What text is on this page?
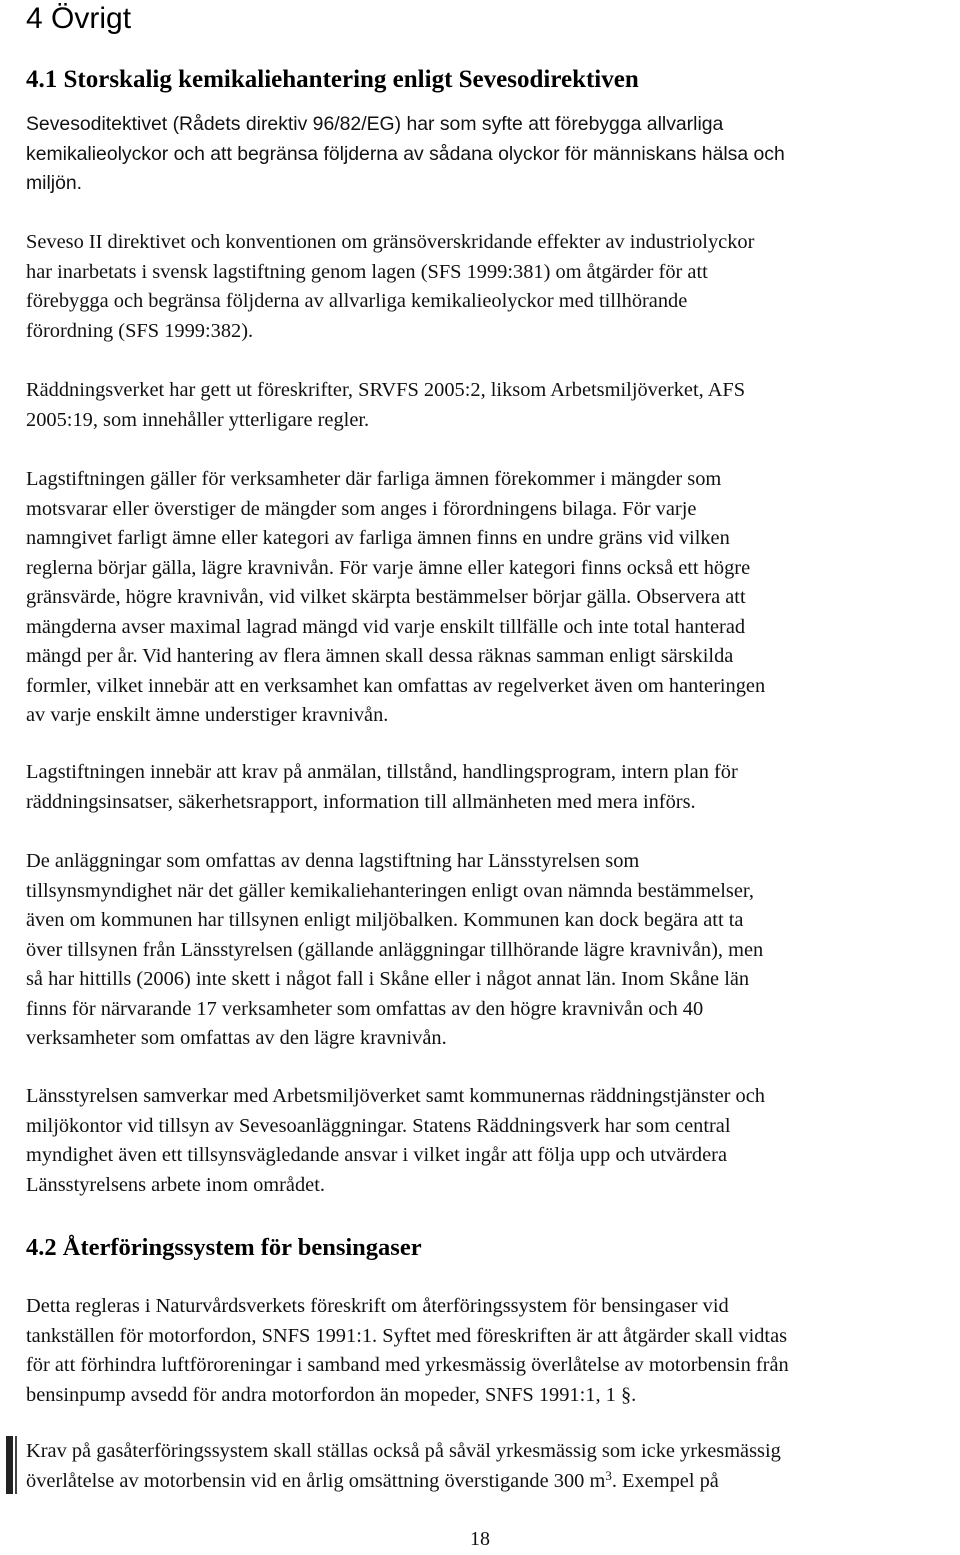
4 Övrigt
4.1 Storskalig kemikaliehantering enligt Sevesodirektiven

Sevesoditektivet (Rådets direktiv 96/82/EG) har som syfte att förebygga allvarliga
kemikalieolyckor och att begränsa följderna av sådana olyckor för människans hälsa och
miljön.

Seveso II direktivet och konventionen om gränsöverskridande effekter av industriolyckor
har inarbetats i svensk lagstiftning genom lagen (SFS 1999:381) om åtgärder för att
förebygga och begränsa följderna av allvarliga kemikalieolyckor med tillhörande
förordning (SFS 1999:382).

Räddningsverket har gett ut föreskrifter, SRVFS 2005:2, liksom Arbetsmiljöverket, AFS
2005:19, som innehåller ytterligare regler.

Lagstiftningen gäller för verksamheter där farliga ämnen förekommer i mängder som
motsvarar eller överstiger de mängder som anges i förordningens bilaga. För varje
namngivet farligt ämne eller kategori av farliga ämnen finns en undre gräns vid vilken
reglerna börjar gälla, lägre kravnivån. För varje ämne eller kategori finns också ett högre
gränsvärde, högre kravnivån, vid vilket skärpta bestämmelser börjar gälla. Observera att
mängderna avser maximal lagrad mängd vid varje enskilt tillfälle och inte total hanterad
mängd per år. Vid hantering av flera ämnen skall dessa räknas samman enligt särskilda
formler, vilket innebär att en verksamhet kan omfattas av regelverket även om hanteringen
av varje enskilt ämne understiger kravnivån.

Lagstiftningen innebär att krav på anmälan, tillstånd, handlingsprogram, intern plan för
räddningsinsatser, säkerhetsrapport, information till allmänheten med mera införs.

De anläggningar som omfattas av denna lagstiftning har Länsstyrelsen som
tillsynsmyndighet när det gäller kemikaliehanteringen enligt ovan nämnda bestämmelser,
även om kommunen har tillsynen enligt miljöbalken. Kommunen kan dock begära att ta
över tillsynen från Länsstyrelsen (gällande anläggningar tillhörande lägre kravnivån), men
så har hittills (2006) inte skett i något fall i Skåne eller i något annat län. Inom Skåne län
finns för närvarande 17 verksamheter som omfattas av den högre kravnivån och 40
verksamheter som omfattas av den lägre kravnivån.

Länsstyrelsen samverkar med Arbetsmiljöverket samt kommunernas räddningstjänster och
miljökontor vid tillsyn av Sevesoanläggningar. Statens Räddningsverk har som central
myndighet även ett tillsynsvägledande ansvar i vilket ingår att följa upp och utvärdera
Länsstyrelsens arbete inom området.

4.2 Återföringssystem för bensingaser

Detta regleras i Naturvårdsverkets föreskrift om återföringssystem för bensingaser vid
tankställen för motorfordon, SNFS 1991:1. Syftet med föreskriften är att åtgärder skall vidtas
för att förhindra luftföroreningar i samband med yrkesmässig överlåtelse av motorbensin från
bensinpump avsedd för andra motorfordon än mopeder, SNFS 1991:1, 1 §.

Krav på gasåterföringssystem skall ställas också på såväl yrkesmässig som icke yrkesmässig
överlåtelse av motorbensin vid en årlig omsättning överstigande 300 $m^3$. Exempel på

18
